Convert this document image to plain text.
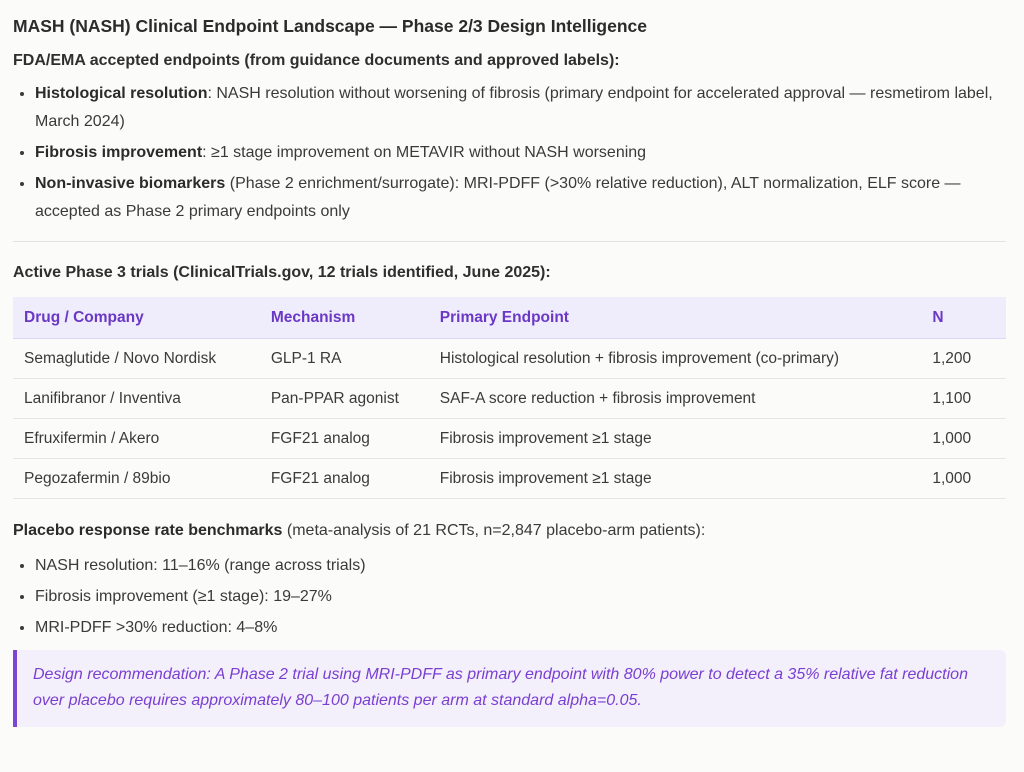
MASH (NASH) Clinical Endpoint Landscape — Phase 2/3 Design Intelligence
FDA/EMA accepted endpoints (from guidance documents and approved labels):
• Histological resolution: NASH resolution without worsening of fibrosis (primary endpoint for accelerated approval — resmetirom label, March 2024)
• Fibrosis improvement: ≥1 stage improvement on METAVIR without NASH worsening
• Non-invasive biomarkers (Phase 2 enrichment/surrogate): MRI-PDFF (>30% relative reduction), ALT normalization, ELF score — accepted as Phase 2 primary endpoints only
Active Phase 3 trials (ClinicalTrials.gov, 12 trials identified, June 2025):
Drug / Company	Mechanism	Primary Endpoint	N
Semaglutide / Novo Nordisk	GLP-1 RA	Histological resolution + fibrosis improvement (co-primary)	1,200
Lanifibranor / Inventiva	Pan-PPAR agonist	SAF-A score reduction + fibrosis improvement	1,100
Efruxifermin / Akero	FGF21 analog	Fibrosis improvement ≥1 stage	1,000
Pegozafermin / 89bio	FGF21 analog	Fibrosis improvement ≥1 stage	1,000
Placebo response rate benchmarks (meta-analysis of 21 RCTs, n=2,847 placebo-arm patients):
• NASH resolution: 11–16% (range across trials)
• Fibrosis improvement (≥1 stage): 19–27%
• MRI-PDFF >30% reduction: 4–8%
Design recommendation: A Phase 2 trial using MRI-PDFF as primary endpoint with 80% power to detect a 35% relative fat reduction over placebo requires approximately 80–100 patients per arm at standard alpha=0.05.
